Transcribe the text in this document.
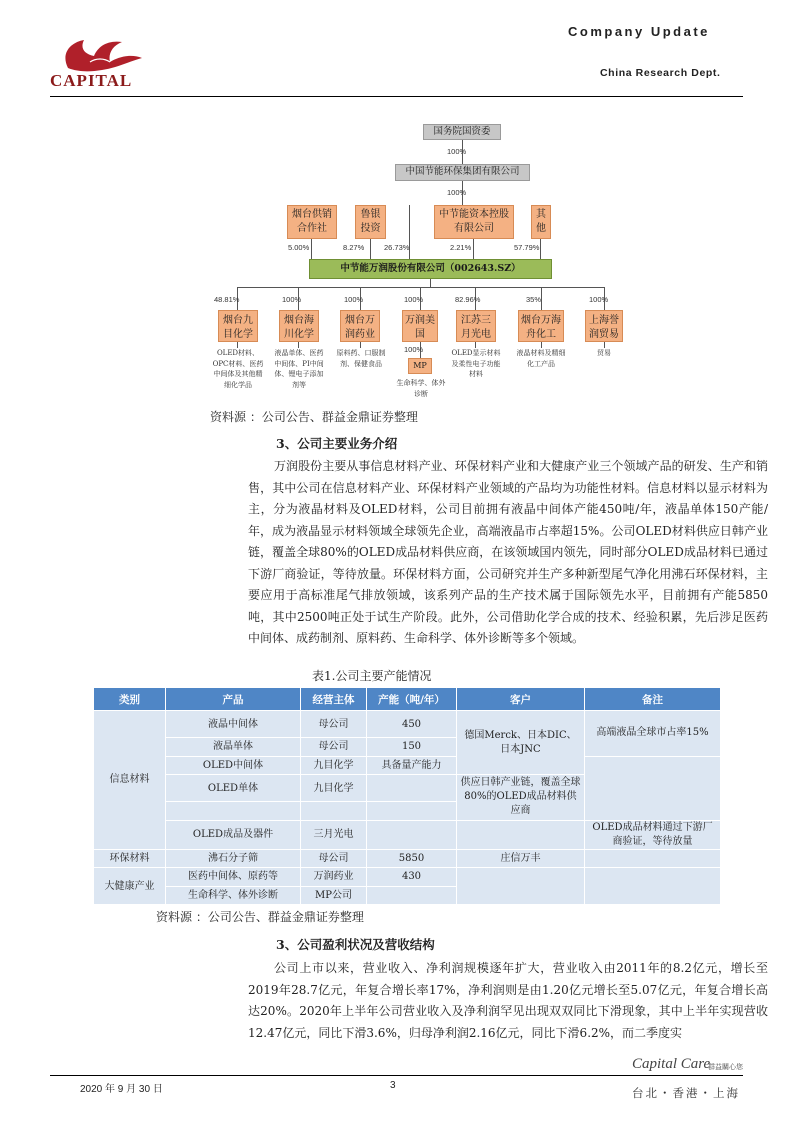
CAPITAL
Company Update
China Research Dept.
国务院国资委
100%
中国节能环保集团有限公司
100%
烟台供销合作社
鲁银投资
中节能资本控股有限公司
其他
5.00%	8.27%	26.73%	2.21%	57.79%
中节能万润股份有限公司（002643.SZ）
48.81%
烟台九目化学
OLED材料、OPC材料、医药中间体及其他精细化学品
100%
烟台海川化学
液晶单体、医药中间体、PI中间体、锂电子添加剂等
100%
烟台万润药业
原料药、口服制剂、保健食品
100%
万润美国
100%
MP
生命科学、体外诊断
82.96%
江苏三月光电
OLED显示材料及柔性电子功能材料
35%
烟台万海舟化工
液晶材料及精细化工产品
100%
上海誉润贸易
贸易
资料源 ：公司公告、群益金鼎证券整理
3、公司主要业务介绍

万润股份主要从事信息材料产业、环保材料产业和大健康产业三个领域产品的研发、生产和销售，其中公司在信息材料产业、环保材料产业领域的产品均为功能性材料。信息材料以显示材料为主，分为液晶材料及OLED材料，公司目前拥有液晶中间体产能450吨/年，液晶单体150产能/年，成为液晶显示材料领域全球领先企业，高端液晶市占率超15%。公司OLED材料供应日韩产业链，覆盖全球80%的OLED成品材料供应商，在该领域国内领先，同时部分OLED成品材料已通过下游厂商验证，等待放量。环保材料方面，公司研究并生产多种新型尾气净化用沸石环保材料，主要应用于高标准尾气排放领域，该系列产品的生产技术属于国际领先水平，目前拥有产能5850吨，其中2500吨正处于试生产阶段。此外，公司借助化学合成的技术、经验积累，先后涉足医药中间体、成药制剂、原料药、生命科学、体外诊断等多个领域。

表1.公司主要产能情况
类别	产品	经营主体	产能（吨/年）	客户	备注
信息材料	液晶中间体	母公司	450	德国Merck、日本DIC、日本JNC	高端液晶全球市占率15%
	液晶单体	母公司	150		
	OLED中间体	九目化学	具备量产能力		
	OLED单体	九目化学		供应日韩产业链，覆盖全球80%的OLED成品材料供应商	

	OLED成品及器件	三月光电			OLED成品材料通过下游厂商验证，等待放量
环保材料	沸石分子筛	母公司	5850	庄信万丰	
大健康产业	医药中间体、原药等	万润药业	430		
	生命科学、体外诊断	MP公司			
资料源 ：公司公告、群益金鼎证券整理
3、公司盈利状况及营收结构

公司上市以来，营业收入、净利润规模逐年扩大，营业收入由2011年的8.2亿元，增长至2019年28.7亿元，年复合增长率17%，净利润则是由1.20亿元增长至5.07亿元，年复合增长高达20%。2020年上半年公司营业收入及净利润罕见出现双双同比下滑现象，其中上半年实现营收12.47亿元，同比下滑3.6%，归母净利润2.16亿元，同比下滑6.2%，而二季度实

2020 年 9 月 30 日	3
Capital Care
群益關心您
台北・香港・上海
